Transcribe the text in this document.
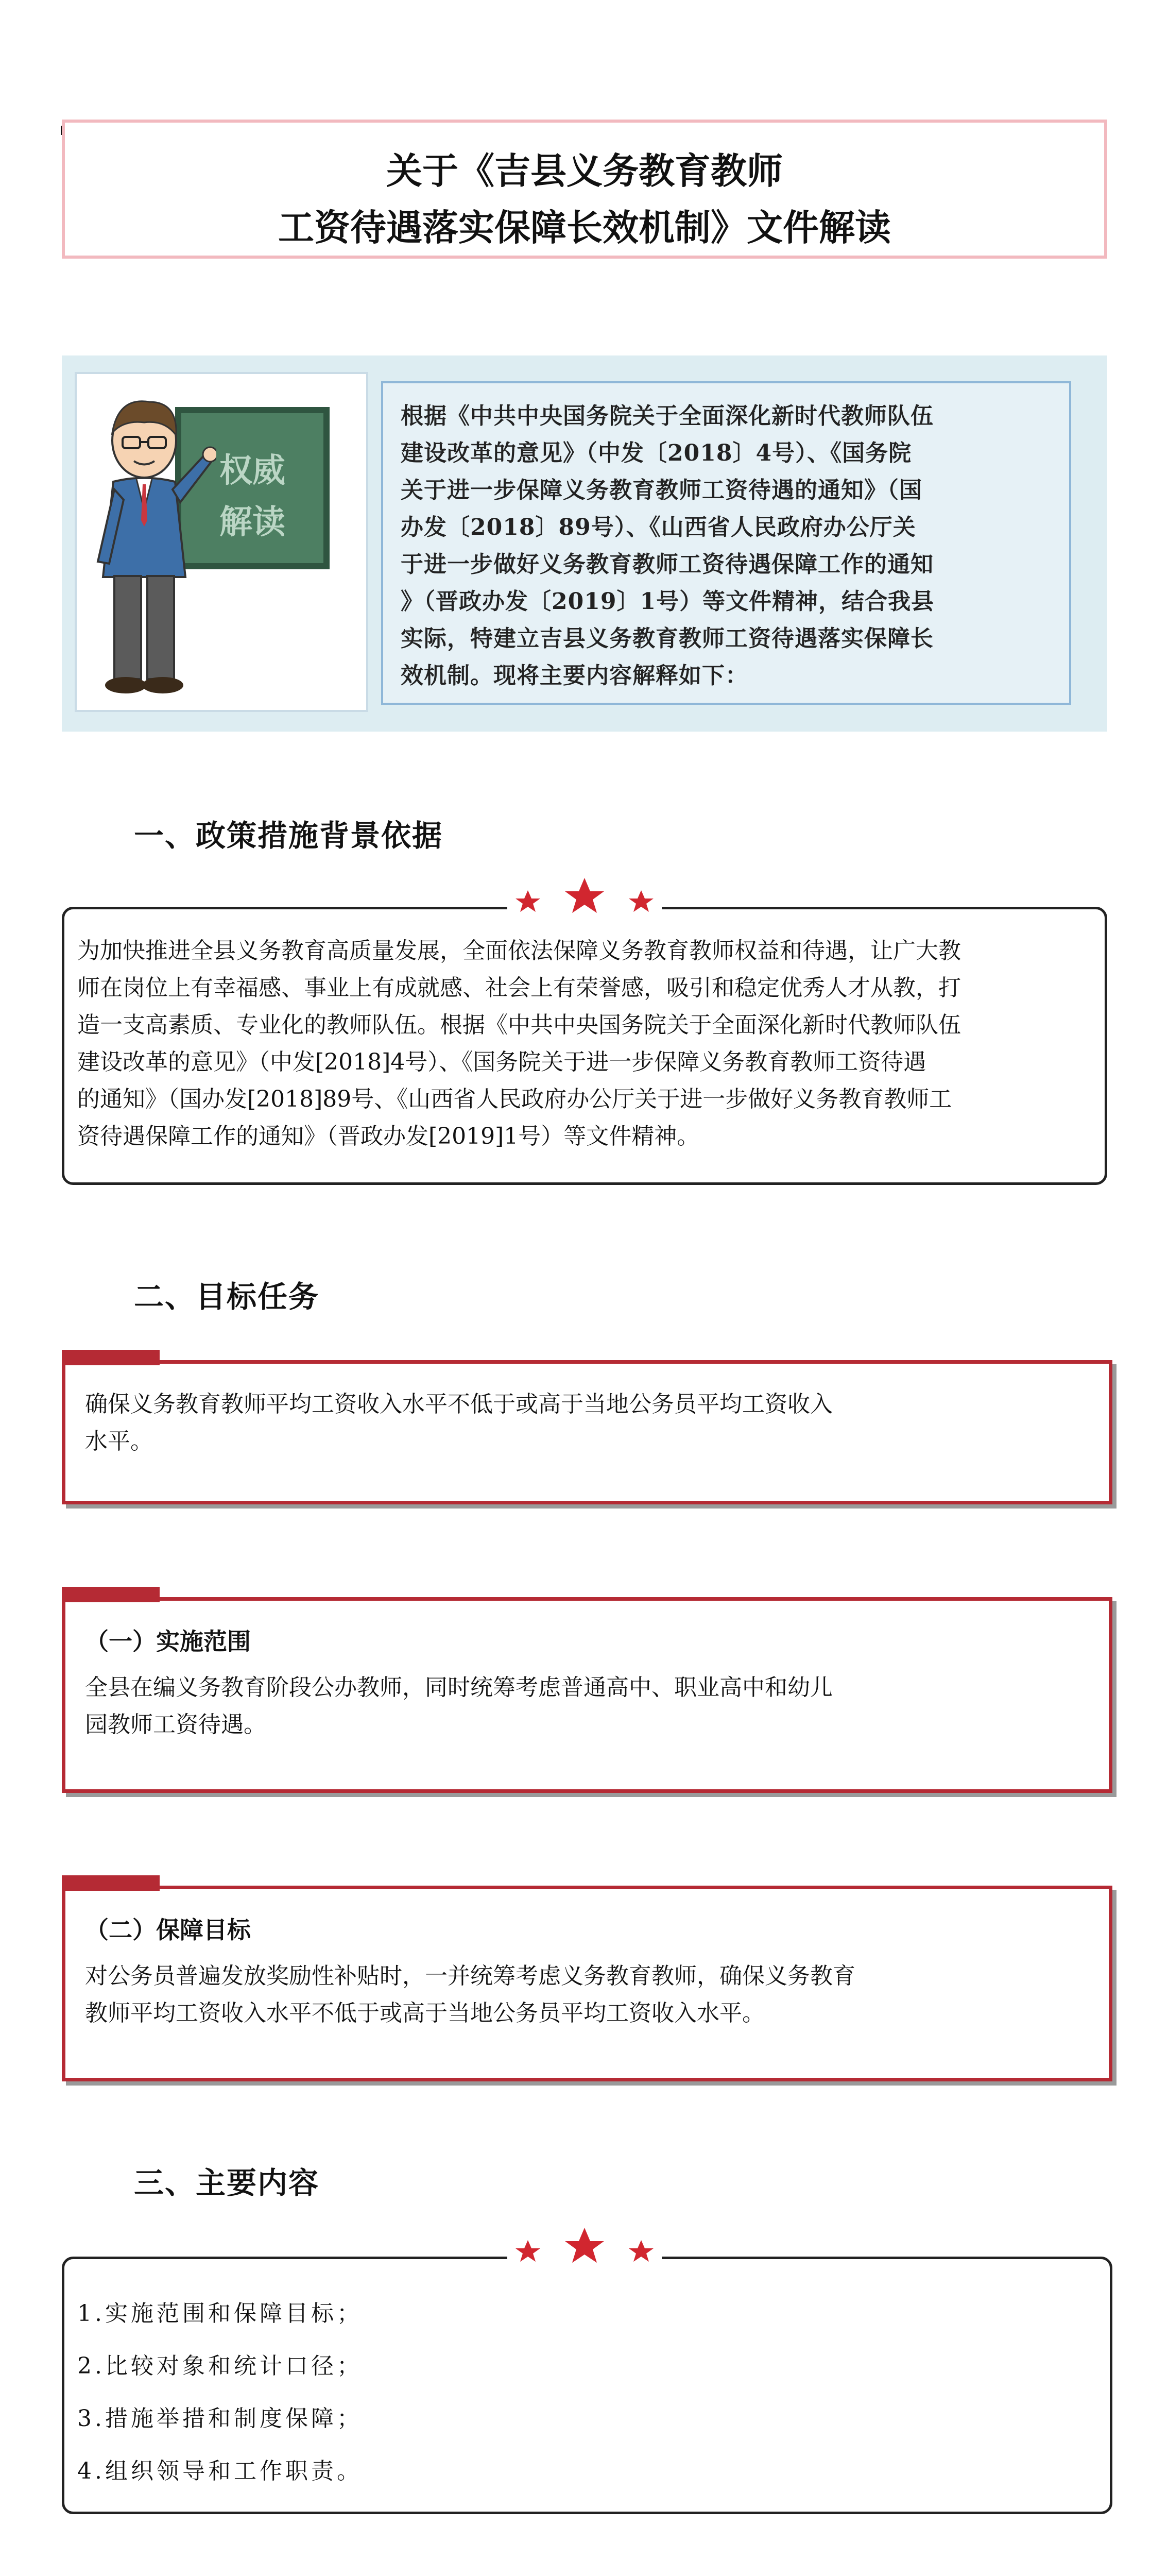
关于《吉县义务教育教师
工资待遇落实保障长效机制》文件解读
权威
解读
根据《中共中央国务院关于全面深化新时代教师队伍
建设改革的意见》（中发〔2018〕4号）、《国务院
关于进一步保障义务教育教师工资待遇的通知》（国
办发〔2018〕89号）、《山西省人民政府办公厅关
于进一步做好义务教育教师工资待遇保障工作的通知
》（晋政办发〔2019〕1号）等文件精神，结合我县
实际，特建立吉县义务教育教师工资待遇落实保障长
效机制。现将主要内容解释如下：
一、政策措施背景依据
为加快推进全县义务教育高质量发展，全面依法保障义务教育教师权益和待遇，让广大教
师在岗位上有幸福感、事业上有成就感、社会上有荣誉感，吸引和稳定优秀人才从教，打
造一支高素质、专业化的教师队伍。根据《中共中央国务院关于全面深化新时代教师队伍
建设改革的意见》（中发[2018]4号）、《国务院关于进一步保障义务教育教师工资待遇
的通知》（国办发[2018]89号、《山西省人民政府办公厅关于进一步做好义务教育教师工
资待遇保障工作的通知》（晋政办发[2019]1号）等文件精神。
二、目标任务
确保义务教育教师平均工资收入水平不低于或高于当地公务员平均工资收入
水平。
（一）实施范围
全县在编义务教育阶段公办教师，同时统筹考虑普通高中、职业高中和幼儿
园教师工资待遇。
（二）保障目标
对公务员普遍发放奖励性补贴时，一并统筹考虑义务教育教师，确保义务教育
教师平均工资收入水平不低于或高于当地公务员平均工资收入水平。
三、主要内容
1.实施范围和保障目标；
2.比较对象和统计口径；
3.措施举措和制度保障；
4.组织领导和工作职责。
